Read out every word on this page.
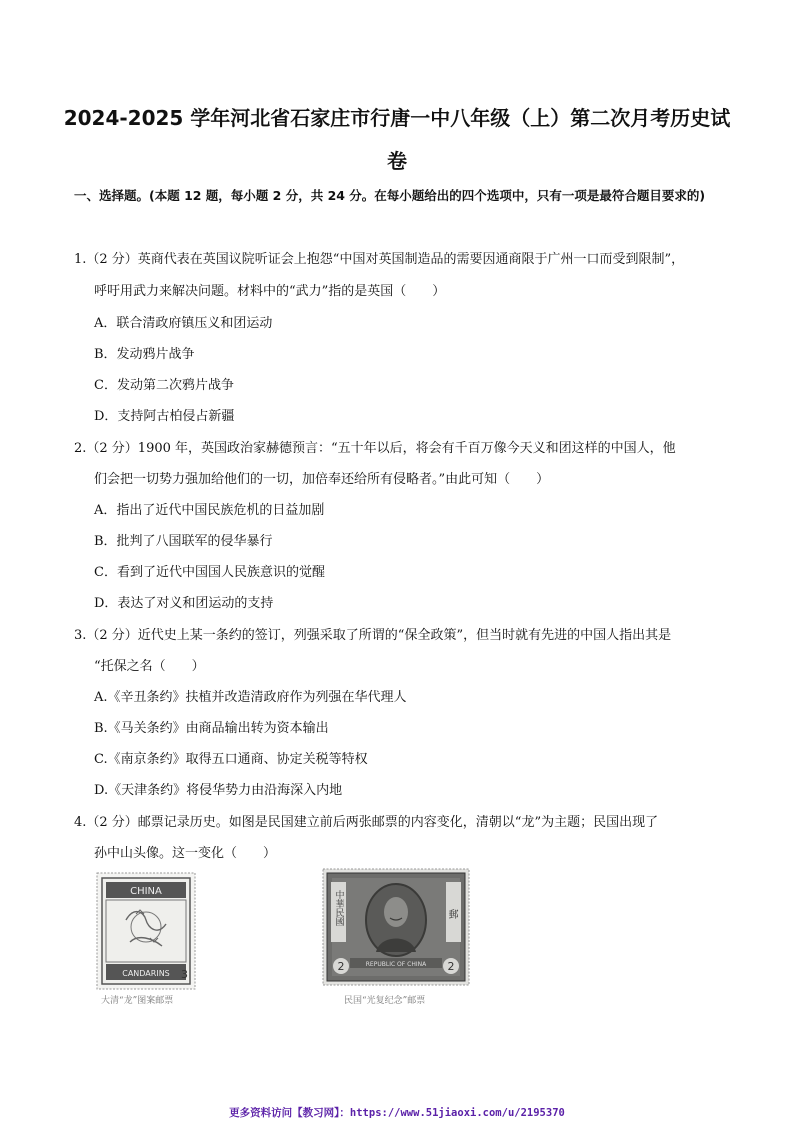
2024-2025 学年河北省石家庄市行唐一中八年级（上）第二次月考历史试
卷
一、选择题。(本题 12 题，每小题 2 分，共 24 分。在每小题给出的四个选项中，只有一项是最符合题目要求的)
1.（2 分）英商代表在英国议院听证会上抱怨“中国对英国制造品的需要因通商限于广州一口而受到限制”，
呼吁用武力来解决问题。材料中的“武力”指的是英国（　　）
A．联合清政府镇压义和团运动
B．发动鸦片战争
C．发动第二次鸦片战争
D．支持阿古柏侵占新疆
2.（2 分）1900 年，英国政治家赫德预言：“五十年以后，将会有千百万像今天义和团这样的中国人，他
们会把一切势力强加给他们的一切，加倍奉还给所有侵略者。”由此可知（　　）
A．指出了近代中国民族危机的日益加剧
B．批判了八国联军的侵华暴行
C．看到了近代中国国人民族意识的觉醒
D．表达了对义和团运动的支持
3.（2 分）近代史上某一条约的签订，列强采取了所谓的“保全政策”，但当时就有先进的中国人指出其是
“托保之名（　　）
A.《辛丑条约》扶植并改造清政府作为列强在华代理人
B.《马关条约》由商品输出转为资本输出
C.《南京条约》取得五口通商、协定关税等特权
D.《天津条约》将侵华势力由沿海深入内地
4.（2 分）邮票记录历史。如图是民国建立前后两张邮票的内容变化，清朝以“龙”为主题；民国出现了
孙中山头像。这一变化（　　）
CHINA
CANDARINS 3
大清“龙”图案邮票
中華民國	郵
REPUBLIC OF CHINA
2	2
民国“光复纪念”邮票
更多资料访问【教习网】：https://www.51jiaoxi.com/u/2195370
